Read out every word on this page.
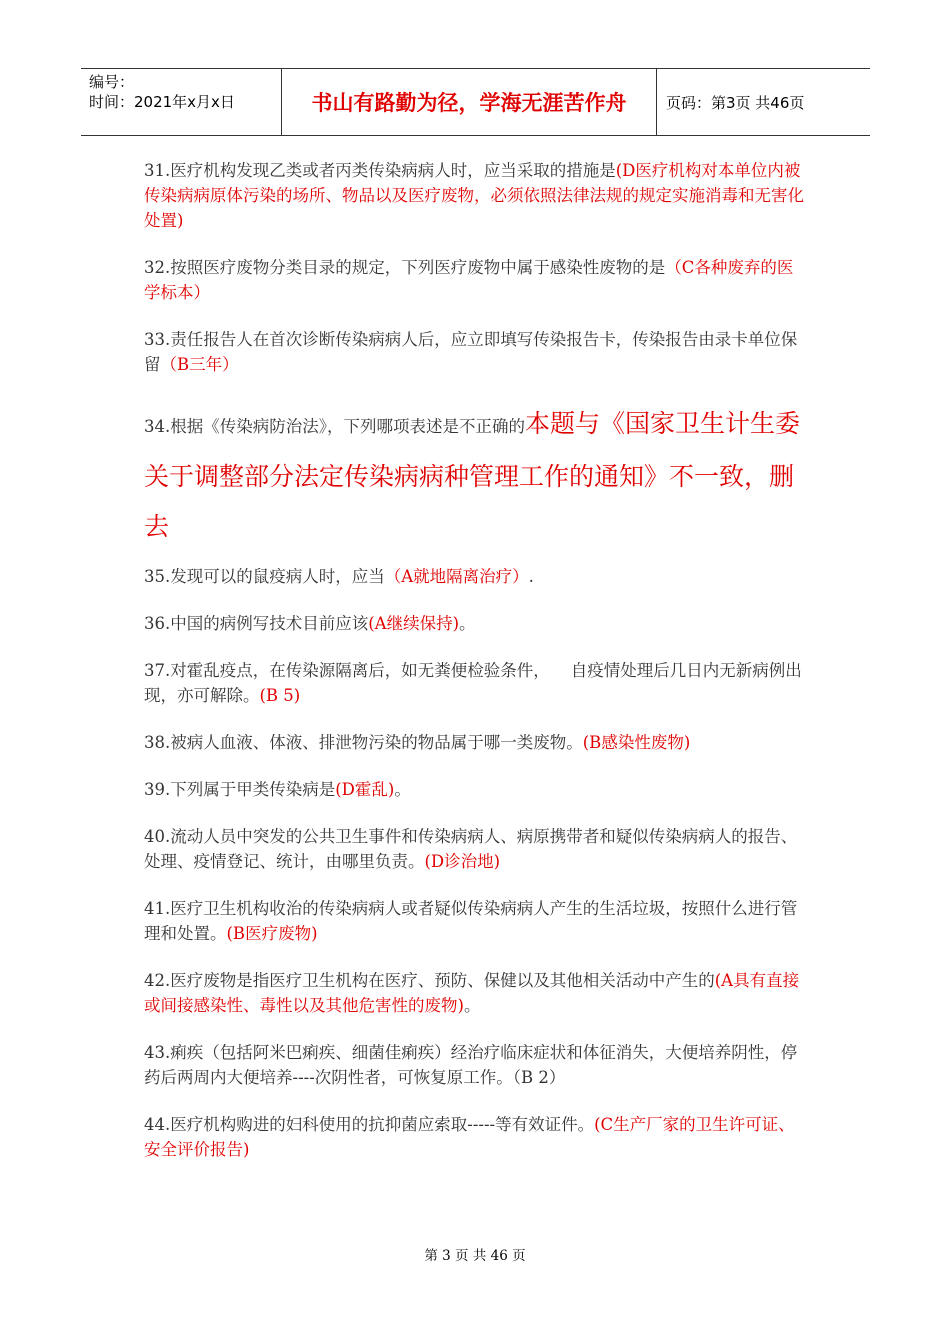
编号：
时间：2021年x月x日	书山有路勤为径，学海无涯苦作舟	页码：第3页 共46页

31.医疗机构发现乙类或者丙类传染病病人时，应当采取的措施是(D医疗机构对本单位内被传染病病原体污染的场所、物品以及医疗废物，必须依照法律法规的规定实施消毒和无害化处置)

32.按照医疗废物分类目录的规定，下列医疗废物中属于感染性废物的是（C各种废弃的医学标本）

33.责任报告人在首次诊断传染病病人后，应立即填写传染报告卡，传染报告由录卡单位保留（B三年）

34.根据《传染病防治法》，下列哪项表述是不正确的本题与《国家卫生计生委关于调整部分法定传染病病种管理工作的通知》不一致，删去

35.发现可以的鼠疫病人时，应当（A就地隔离治疗）.

36.中国的病例写技术目前应该(A继续保持)。

37.对霍乱疫点，在传染源隔离后，如无粪便检验条件，    自疫情处理后几日内无新病例出现，亦可解除。(B 5)

38.被病人血液、体液、排泄物污染的物品属于哪一类废物。(B感染性废物)

39.下列属于甲类传染病是(D霍乱)。

40.流动人员中突发的公共卫生事件和传染病病人、病原携带者和疑似传染病病人的报告、处理、疫情登记、统计，由哪里负责。(D诊治地)

41.医疗卫生机构收治的传染病病人或者疑似传染病病人产生的生活垃圾，按照什么进行管理和处置。(B医疗废物)

42.医疗废物是指医疗卫生机构在医疗、预防、保健以及其他相关活动中产生的(A具有直接或间接感染性、毒性以及其他危害性的废物)。

43.痢疾（包括阿米巴痢疾、细菌佳痢疾）经治疗临床症状和体征消失，大便培养阴性，停药后两周内大便培养----次阴性者，可恢复原工作。（B 2）

44.医疗机构购进的妇科使用的抗抑菌应索取-----等有效证件。(C生产厂家的卫生许可证、安全评价报告)

第 3 页 共 46 页
